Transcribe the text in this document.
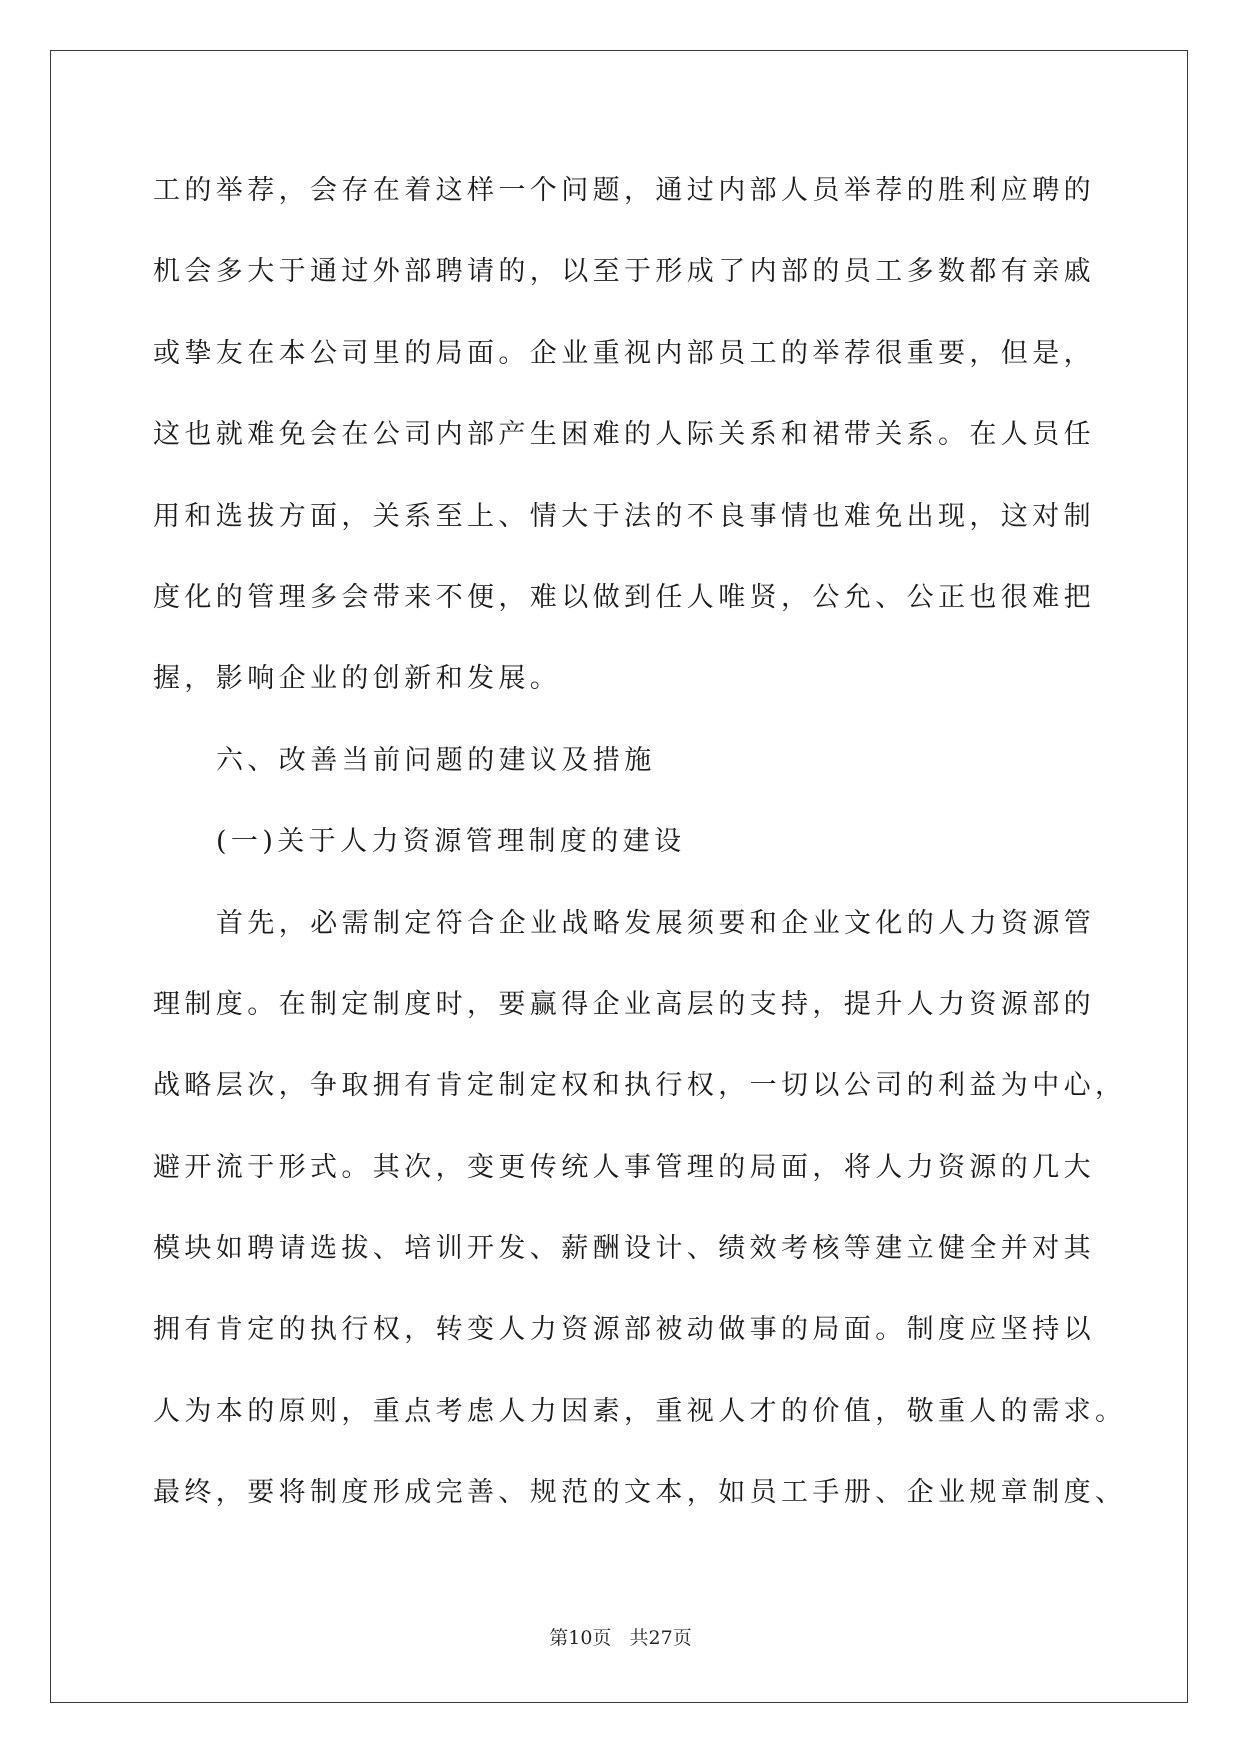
工的举荐，会存在着这样一个问题，通过内部人员举荐的胜利应聘的
机会多大于通过外部聘请的，以至于形成了内部的员工多数都有亲戚
或挚友在本公司里的局面。企业重视内部员工的举荐很重要，但是，
这也就难免会在公司内部产生困难的人际关系和裙带关系。在人员任
用和选拔方面，关系至上、情大于法的不良事情也难免出现，这对制
度化的管理多会带来不便，难以做到任人唯贤，公允、公正也很难把
握，影响企业的创新和发展。
六、改善当前问题的建议及措施
(一)关于人力资源管理制度的建设
首先，必需制定符合企业战略发展须要和企业文化的人力资源管
理制度。在制定制度时，要赢得企业高层的支持，提升人力资源部的
战略层次，争取拥有肯定制定权和执行权，一切以公司的利益为中心，
避开流于形式。其次，变更传统人事管理的局面，将人力资源的几大
模块如聘请选拔、培训开发、薪酬设计、绩效考核等建立健全并对其
拥有肯定的执行权，转变人力资源部被动做事的局面。制度应坚持以
人为本的原则，重点考虑人力因素，重视人才的价值，敬重人的需求。
最终，要将制度形成完善、规范的文本，如员工手册、企业规章制度、
第10页   共27页
